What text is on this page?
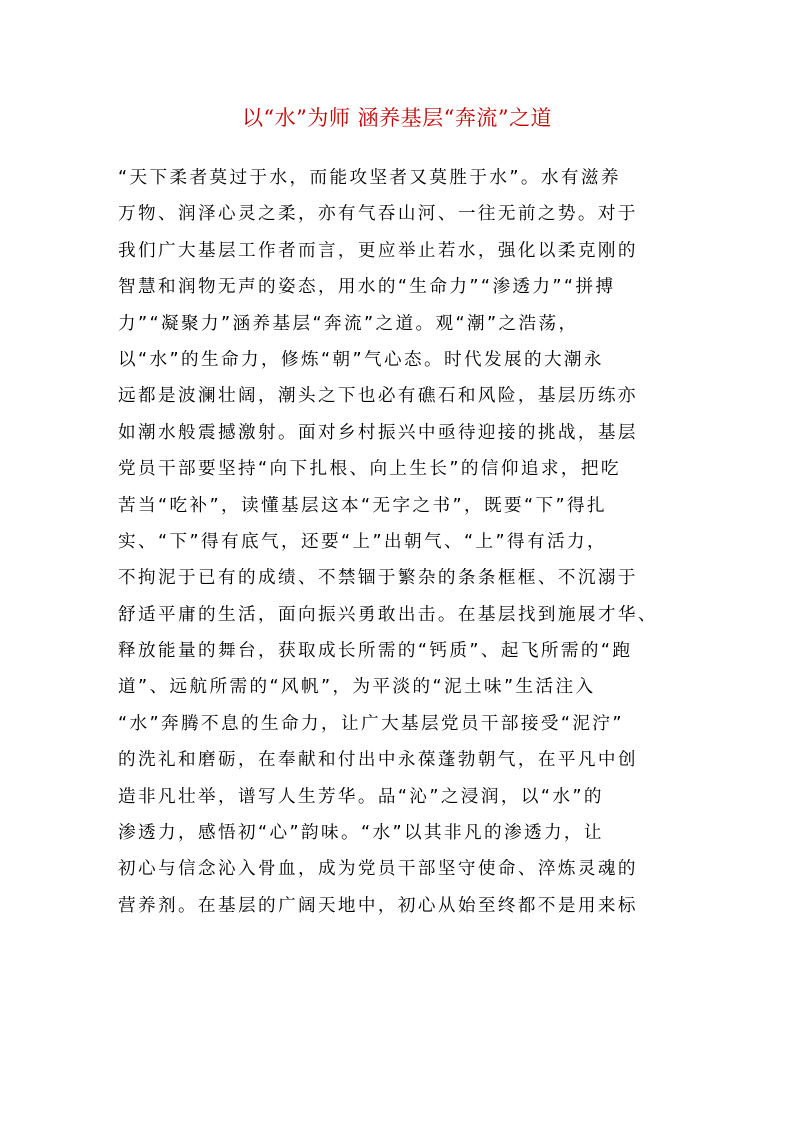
以“水”为师 涵养基层“奔流”之道
“天下柔者莫过于水，而能攻坚者又莫胜于水”。水有滋养
万物、润泽心灵之柔，亦有气吞山河、一往无前之势。对于
我们广大基层工作者而言，更应举止若水，强化以柔克刚的
智慧和润物无声的姿态，用水的“生命力”“渗透力”“拼搏
力”“凝聚力”涵养基层“奔流”之道。观“潮”之浩荡，
以“水”的生命力，修炼“朝”气心态。时代发展的大潮永
远都是波澜壮阔，潮头之下也必有礁石和风险，基层历练亦
如潮水般震撼激射。面对乡村振兴中亟待迎接的挑战，基层
党员干部要坚持“向下扎根、向上生长”的信仰追求，把吃
苦当“吃补”，读懂基层这本“无字之书”，既要“下”得扎
实、“下”得有底气，还要“上”出朝气、“上”得有活力，
不拘泥于已有的成绩、不禁锢于繁杂的条条框框、不沉溺于
舒适平庸的生活，面向振兴勇敢出击。在基层找到施展才华、
释放能量的舞台，获取成长所需的“钙质”、起飞所需的“跑
道”、远航所需的“风帆”，为平淡的“泥土味”生活注入
“水”奔腾不息的生命力，让广大基层党员干部接受“泥泞”
的洗礼和磨砺，在奉献和付出中永葆蓬勃朝气，在平凡中创
造非凡壮举，谱写人生芳华。品“沁”之浸润，以“水”的
渗透力，感悟初“心”韵味。“水”以其非凡的渗透力，让
初心与信念沁入骨血，成为党员干部坚守使命、淬炼灵魂的
营养剂。在基层的广阔天地中，初心从始至终都不是用来标
